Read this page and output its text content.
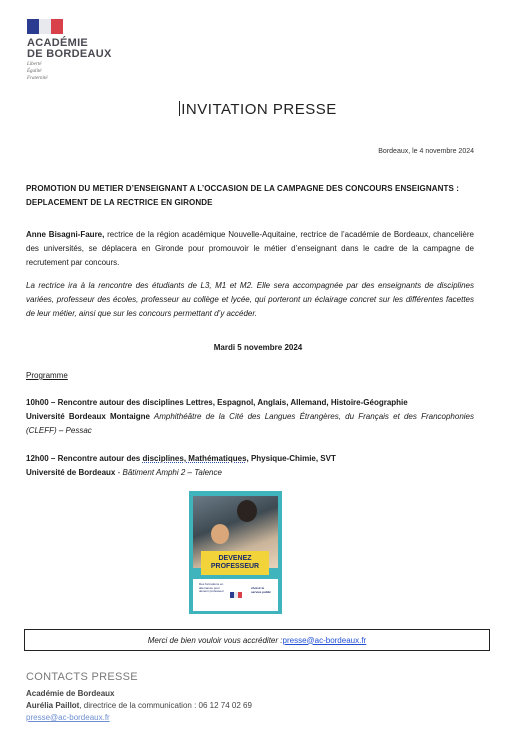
ACADÉMIE
DE BORDEAUX
Liberté
Égalité
Fraternité
INVITATION PRESSE
Bordeaux, le 4 novembre 2024
PROMOTION DU METIER D’ENSEIGNANT A L’OCCASION DE LA CAMPAGNE DES CONCOURS ENSEIGNANTS : DEPLACEMENT DE LA RECTRICE EN GIRONDE
Anne Bisagni-Faure, rectrice de la région académique Nouvelle-Aquitaine, rectrice de l’académie de Bordeaux, chancelière des universités, se déplacera en Gironde pour promouvoir le métier d’enseignant dans le cadre de la campagne de recrutement par concours.
La rectrice ira à la rencontre des étudiants de L3, M1 et M2. Elle sera accompagnée par des enseignants de disciplines variées, professeur des écoles, professeur au collège et lycée, qui porteront un éclairage concret sur les différentes facettes de leur métier, ainsi que sur les concours permettant d’y accéder.
Mardi 5 novembre 2024
Programme
10h00 – Rencontre autour des disciplines Lettres, Espagnol, Anglais, Allemand, Histoire-Géographie
Université Bordeaux Montaigne Amphithéâtre de la Cité des Langues Étrangères, du Français et des Francophonies (CLEFF) – Pessac
12h00 – Rencontre autour des disciplines, Mathématiques, Physique-Chimie, SVT
Université de Bordeaux - Bâtiment Amphi 2 – Talence
DEVENEZ
PROFESSEUR
Des formations en alternance pour devenir professeur
choisir le service public
Merci de bien vouloir vous accréditer : presse@ac-bordeaux.fr
CONTACTS PRESSE
Académie de Bordeaux
Aurélia Paillot, directrice de la communication : 06 12 74 02 69
presse@ac-bordeaux.fr
